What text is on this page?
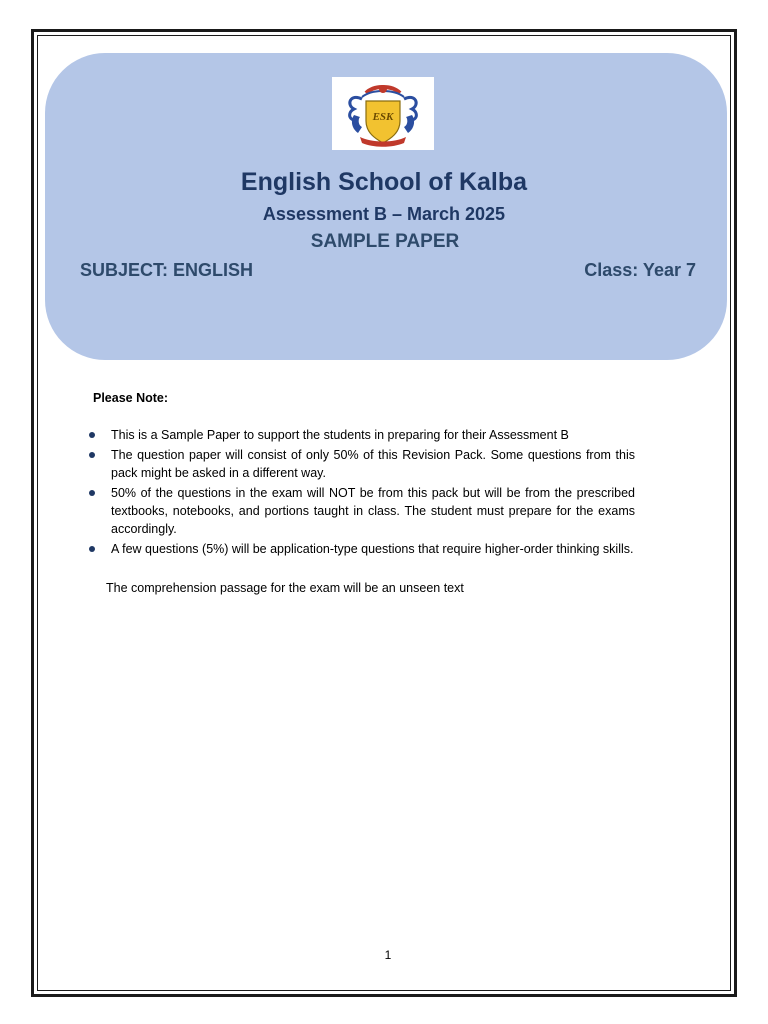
ESK
English School of Kalba
Assessment B – March 2025
SAMPLE PAPER
SUBJECT: ENGLISH	Class: Year 7
Please Note:
This is a Sample Paper to support the students in preparing for their Assessment B
The question paper will consist of only 50% of this Revision Pack. Some questions from this pack might be asked in a different way.
50% of the questions in the exam will NOT be from this pack but will be from the prescribed textbooks, notebooks, and portions taught in class. The student must prepare for the exams accordingly.
A few questions (5%) will be application-type questions that require higher-order thinking skills.
The comprehension passage for the exam will be an unseen text
1
